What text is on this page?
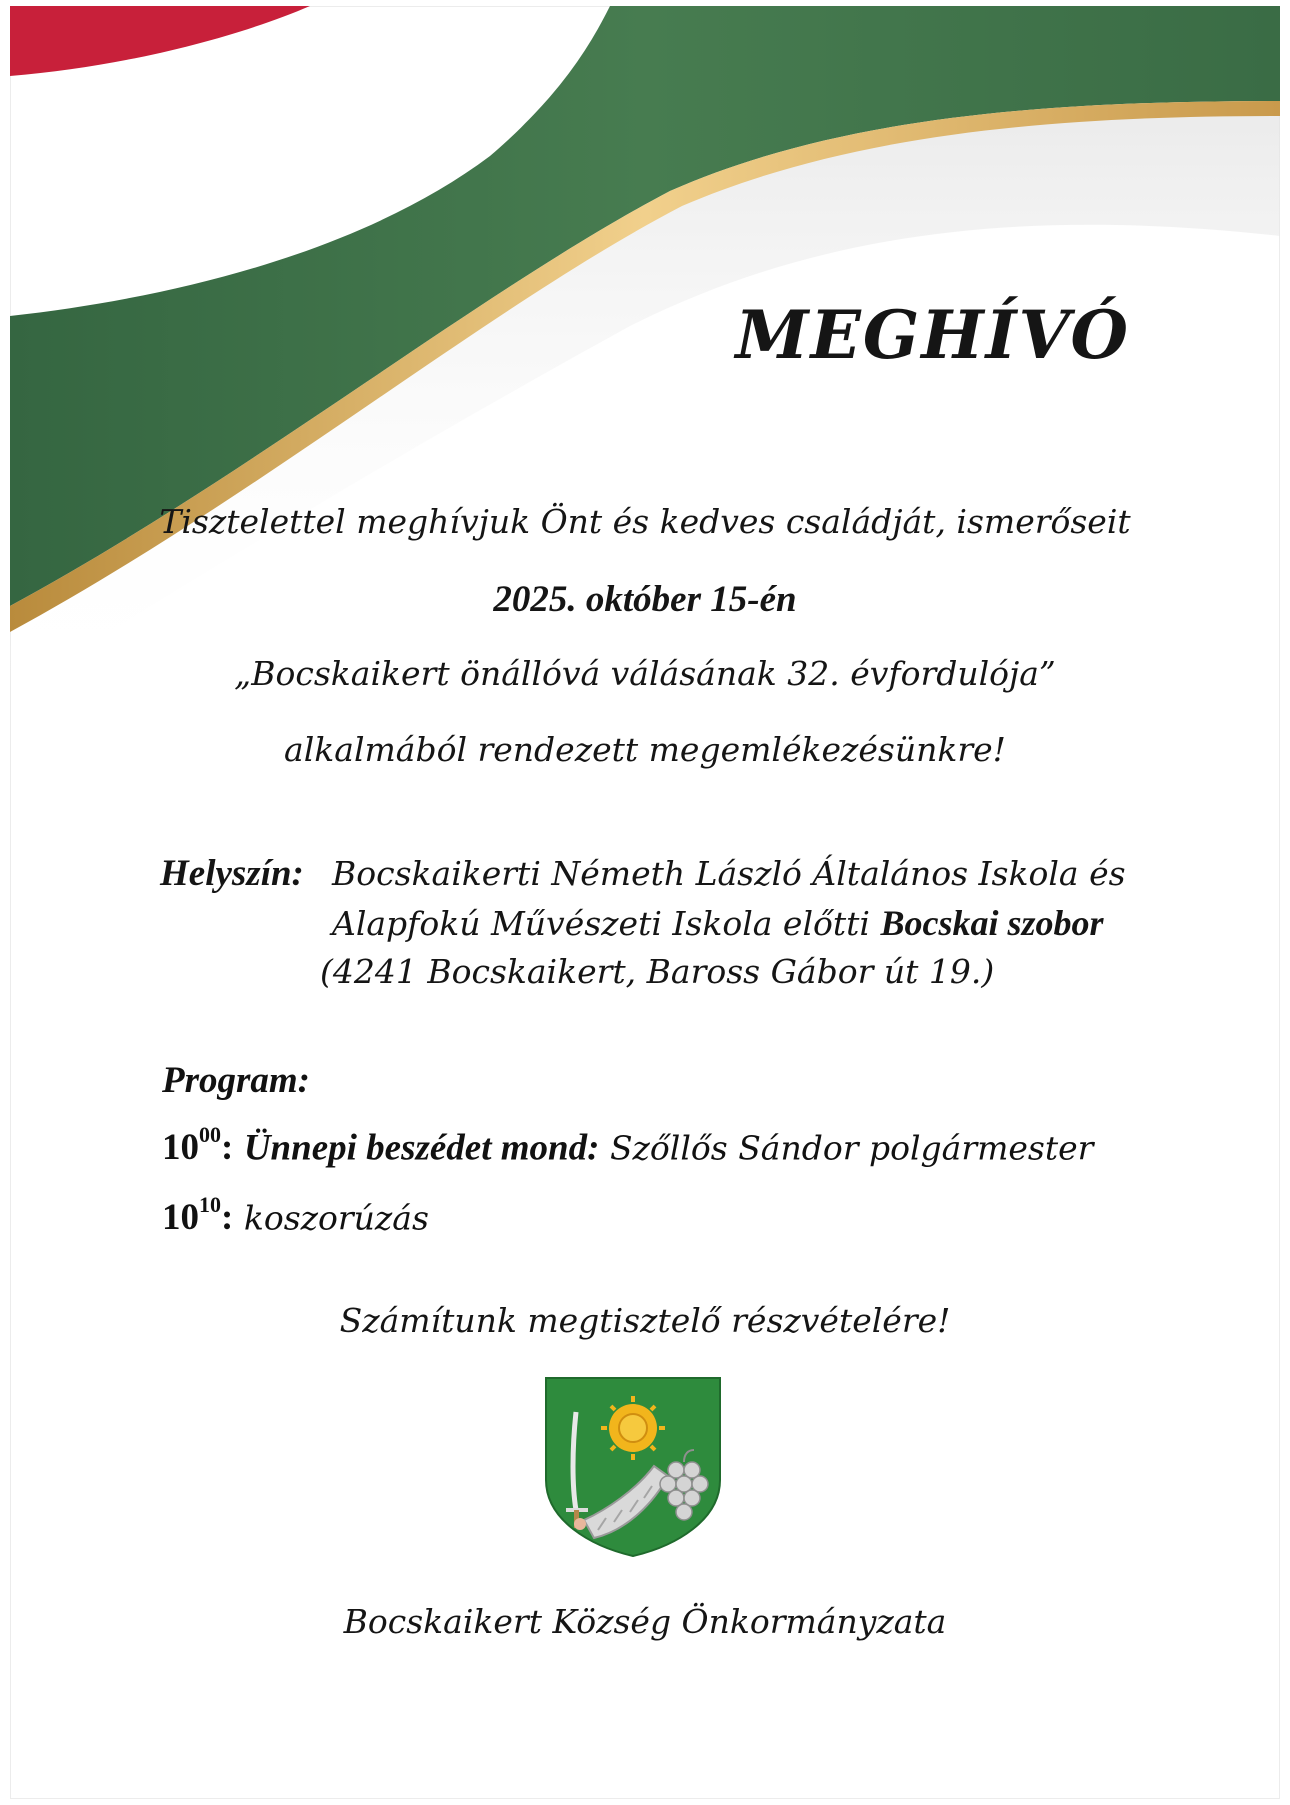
MEGHÍVÓ
Tisztelettel meghívjuk Önt és kedves családját, ismerőseit
2025. október 15-én
„Bocskaikert önállóvá válásának 32. évfordulója”
alkalmából rendezett megemlékezésünkre!
Helyszín: Bocskaikerti Németh László Általános Iskola és
Alapfokú Művészeti Iskola előtti Bocskai szobor
(4241 Bocskaikert, Baross Gábor út 19.)
Program:
$10^{00}$: Ünnepi beszédet mond: Szőllős Sándor polgármester
$10^{10}$: koszorúzás
Számítunk megtisztelő részvételére!
Bocskaikert Község Önkormányzata
